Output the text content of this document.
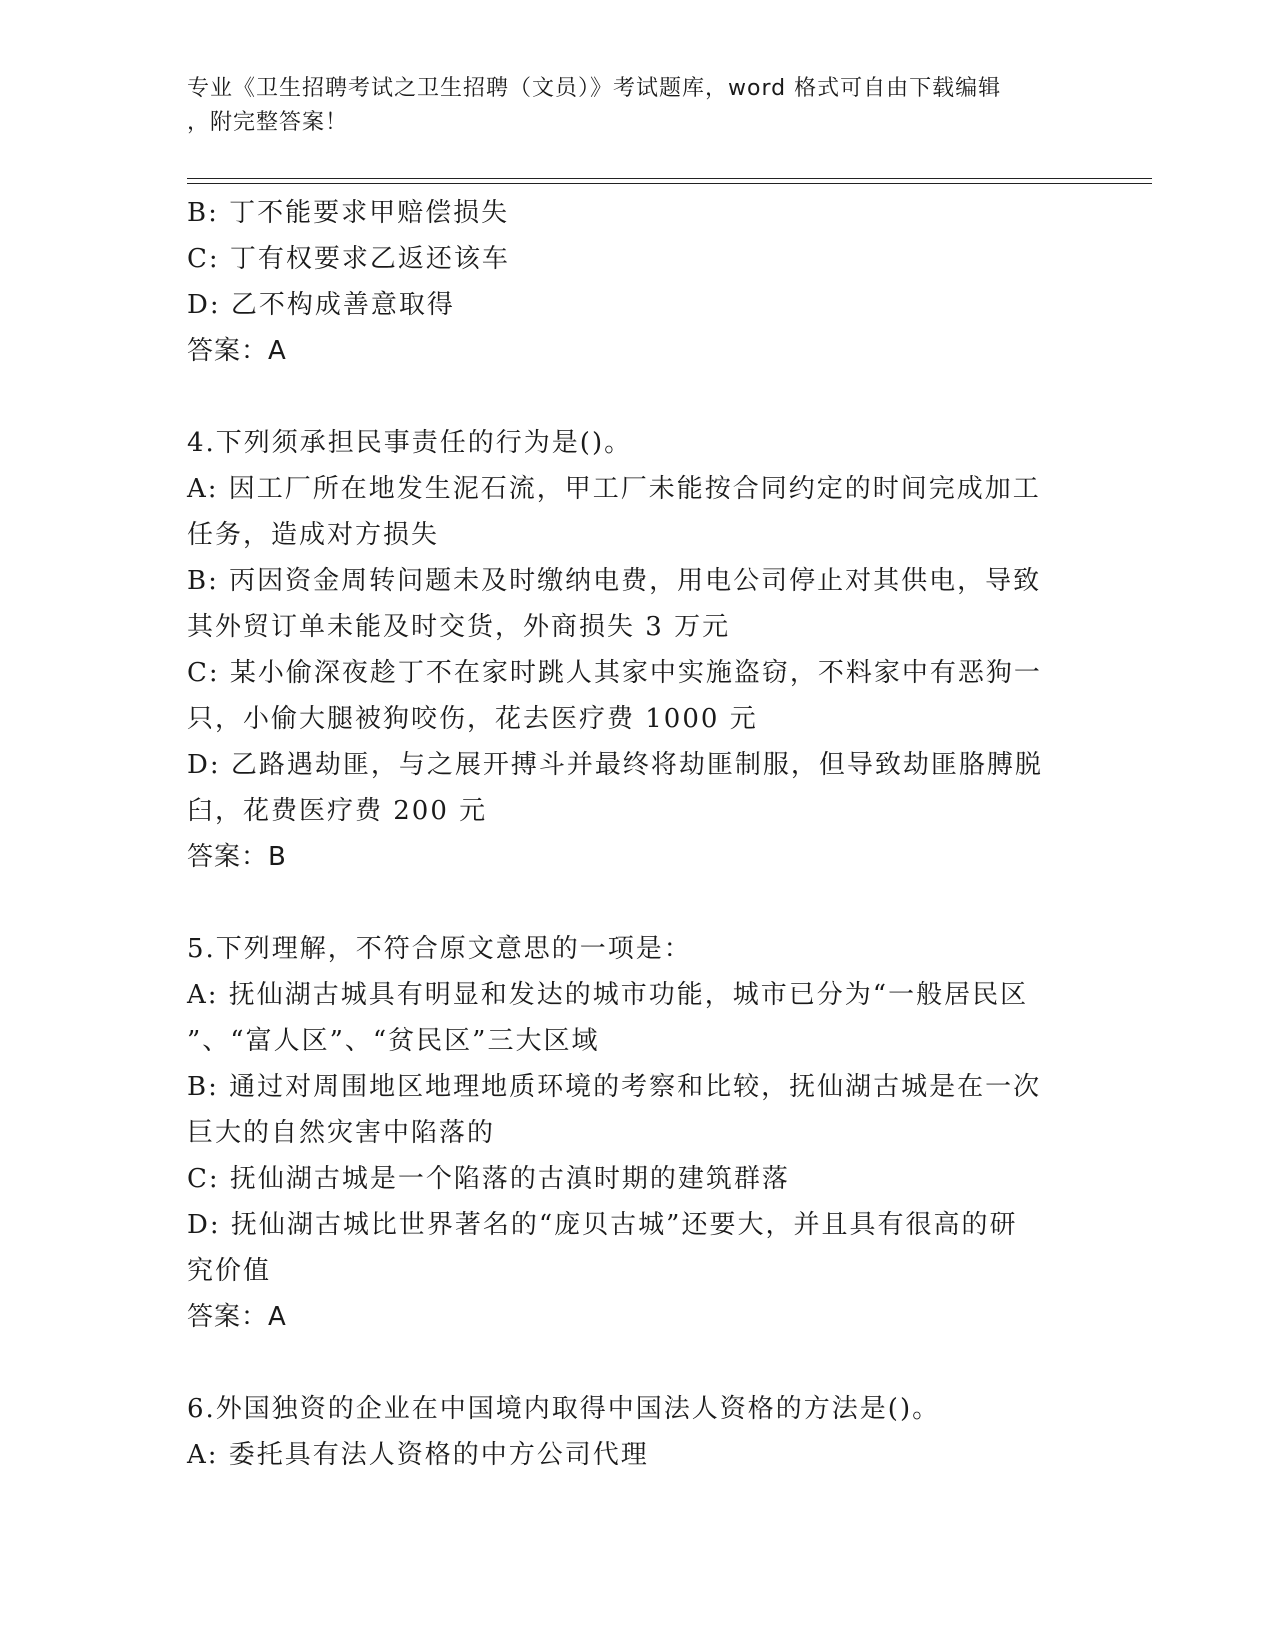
专业《卫生招聘考试之卫生招聘（文员）》考试题库，word 格式可自由下载编辑
，附完整答案！

B: 丁不能要求甲赔偿损失

C: 丁有权要求乙返还该车

D: 乙不构成善意取得

答案：A

4.下列须承担民事责任的行为是()。

A: 因工厂所在地发生泥石流，甲工厂未能按合同约定的时间完成加工

任务，造成对方损失

B: 丙因资金周转问题未及时缴纳电费，用电公司停止对其供电，导致

其外贸订单未能及时交货，外商损失 3 万元

C: 某小偷深夜趁丁不在家时跳人其家中实施盗窃，不料家中有恶狗一

只，小偷大腿被狗咬伤，花去医疗费 1000 元

D: 乙路遇劫匪，与之展开搏斗并最终将劫匪制服，但导致劫匪胳膊脱

臼，花费医疗费 200 元

答案：B

5.下列理解，不符合原文意思的一项是：

A: 抚仙湖古城具有明显和发达的城市功能，城市已分为“一般居民区

”、“富人区”、“贫民区”三大区域

B: 通过对周围地区地理地质环境的考察和比较，抚仙湖古城是在一次

巨大的自然灾害中陷落的

C: 抚仙湖古城是一个陷落的古滇时期的建筑群落

D: 抚仙湖古城比世界著名的“庞贝古城”还要大，并且具有很高的研

究价值

答案：A

6.外国独资的企业在中国境内取得中国法人资格的方法是()。

A: 委托具有法人资格的中方公司代理
